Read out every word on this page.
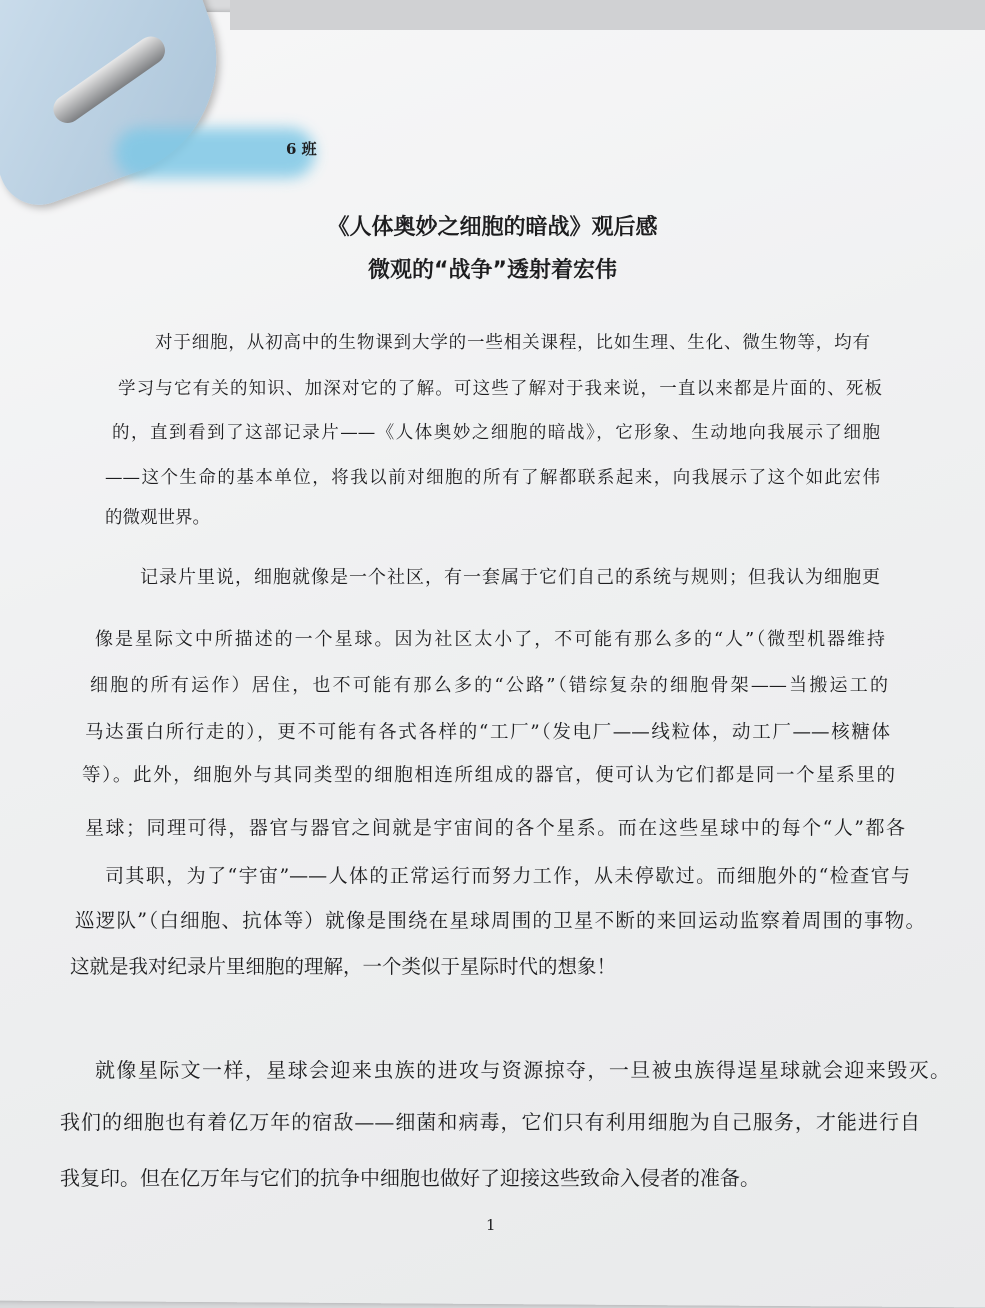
6 班
《人体奥妙之细胞的暗战》观后感
微观的“战争”透射着宏伟
对于细胞，从初高中的生物课到大学的一些相关课程，比如生理、生化、微生物等，均有
学习与它有关的知识、加深对它的了解。可这些了解对于我来说，一直以来都是片面的、死板
的，直到看到了这部记录片——《人体奥妙之细胞的暗战》，它形象、生动地向我展示了细胞
——这个生命的基本单位，将我以前对细胞的所有了解都联系起来，向我展示了这个如此宏伟
的微观世界。
记录片里说，细胞就像是一个社区，有一套属于它们自己的系统与规则；但我认为细胞更
像是星际文中所描述的一个星球。因为社区太小了，不可能有那么多的“人”（微型机器维持
细胞的所有运作）居住，也不可能有那么多的“公路”（错综复杂的细胞骨架——当搬运工的
马达蛋白所行走的），更不可能有各式各样的“工厂”（发电厂——线粒体，动工厂——核糖体
等）。此外，细胞外与其同类型的细胞相连所组成的器官，便可认为它们都是同一个星系里的
星球；同理可得，器官与器官之间就是宇宙间的各个星系。而在这些星球中的每个“人”都各
司其职，为了“宇宙”——人体的正常运行而努力工作，从未停歇过。而细胞外的“检查官与
巡逻队”（白细胞、抗体等）就像是围绕在星球周围的卫星不断的来回运动监察着周围的事物。
这就是我对纪录片里细胞的理解，一个类似于星际时代的想象！
就像星际文一样，星球会迎来虫族的进攻与资源掠夺，一旦被虫族得逞星球就会迎来毁灭。
我们的细胞也有着亿万年的宿敌——细菌和病毒，它们只有利用细胞为自己服务，才能进行自
我复印。但在亿万年与它们的抗争中细胞也做好了迎接这些致命入侵者的准备。
1
